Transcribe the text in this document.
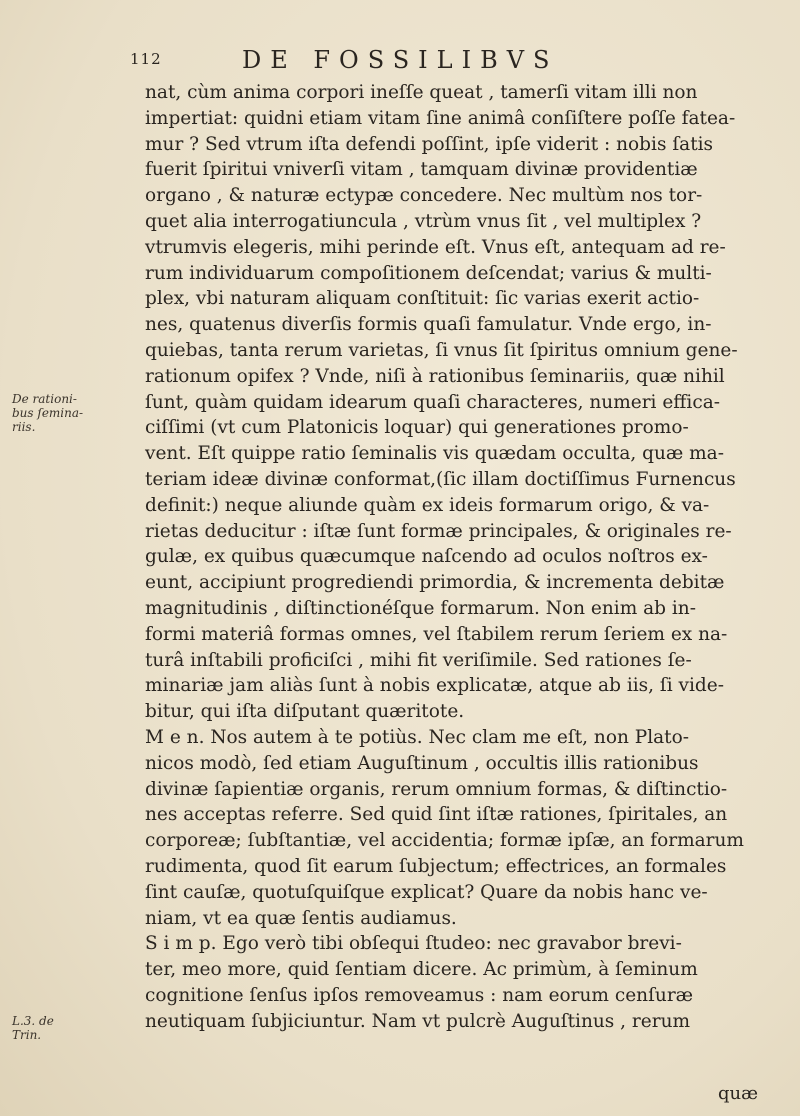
112	DE FOSSILIBVS
nat, cùm anima corpori ineſſe queat , tamerſi vitam illi non
impertiat: quidni etiam vitam ſine animâ conſiſtere poſſe fatea-
mur ? Sed vtrum iſta defendi poſſint, ipſe viderit : nobis ſatis
fuerit ſpiritui vniverſi vitam , tamquam divinæ providentiæ
organo , & naturæ ectypæ concedere. Nec multùm nos tor-
quet alia interrogatiuncula , vtrùm vnus ſit , vel multiplex ?
vtrumvis elegeris, mihi perinde eſt. Vnus eſt, antequam ad re-
rum individuarum compoſitionem deſcendat; varius & multi-
plex, vbi naturam aliquam conſtituit: ſic varias exerit actio-
nes, quatenus diverſis formis quaſi famulatur. Vnde ergo, in-
quiebas, tanta rerum varietas, ſi vnus ſit ſpiritus omnium gene-
rationum opifex ? Vnde, niſi à rationibus ſeminariis, quæ nihil
ſunt, quàm quidam idearum quaſi characteres, numeri effica-
ciſſimi (vt cum Platonicis loquar) qui generationes promo-
vent. Eſt quippe ratio ſeminalis vis quædam occulta, quæ ma-
teriam ideæ divinæ conformat,(ſic illam doctiſſimus Furnencus
definit:) neque aliunde quàm ex ideis formarum origo, & va-
rietas deducitur : iſtæ ſunt formæ principales, & originales re-
gulæ, ex quibus quæcumque naſcendo ad oculos noſtros ex-
eunt, accipiunt progrediendi primordia, & incrementa debitæ
magnitudinis , diſtinctionéſque formarum. Non enim ab in-
formi materiâ formas omnes, vel ſtabilem rerum ſeriem ex na-
turâ inſtabili proficiſci , mihi fit veriſimile. Sed rationes ſe-
minariæ jam aliàs ſunt à nobis explicatæ, atque ab iis, ſi vide-
bitur, qui iſta diſputant quæritote.
M e n. Nos autem à te potiùs. Nec clam me eſt, non Plato-
nicos modò, ſed etiam Auguſtinum , occultis illis rationibus
divinæ ſapientiæ organis, rerum omnium formas, & diſtinctio-
nes acceptas referre. Sed quid ſint iſtæ rationes, ſpiritales, an
corporeæ; ſubſtantiæ, vel accidentia; formæ ipſæ, an formarum
rudimenta, quod ſit earum ſubjectum; effectrices, an formales
ſint cauſæ, quotuſquiſque explicat? Quare da nobis hanc ve-
niam, vt ea quæ ſentis audiamus.
S i m p. Ego verò tibi obſequi ſtudeo: nec gravabor brevi-
ter, meo more, quid ſentiam dicere. Ac primùm, à ſeminum
cognitione ſenſus ipſos removeamus : nam eorum cenſuræ
neutiquam ſubjiciuntur. Nam vt pulcrè Auguſtinus , rerum
De rationi-
bus ſemina-
riis.
L.3. de
Trin.
quæ
